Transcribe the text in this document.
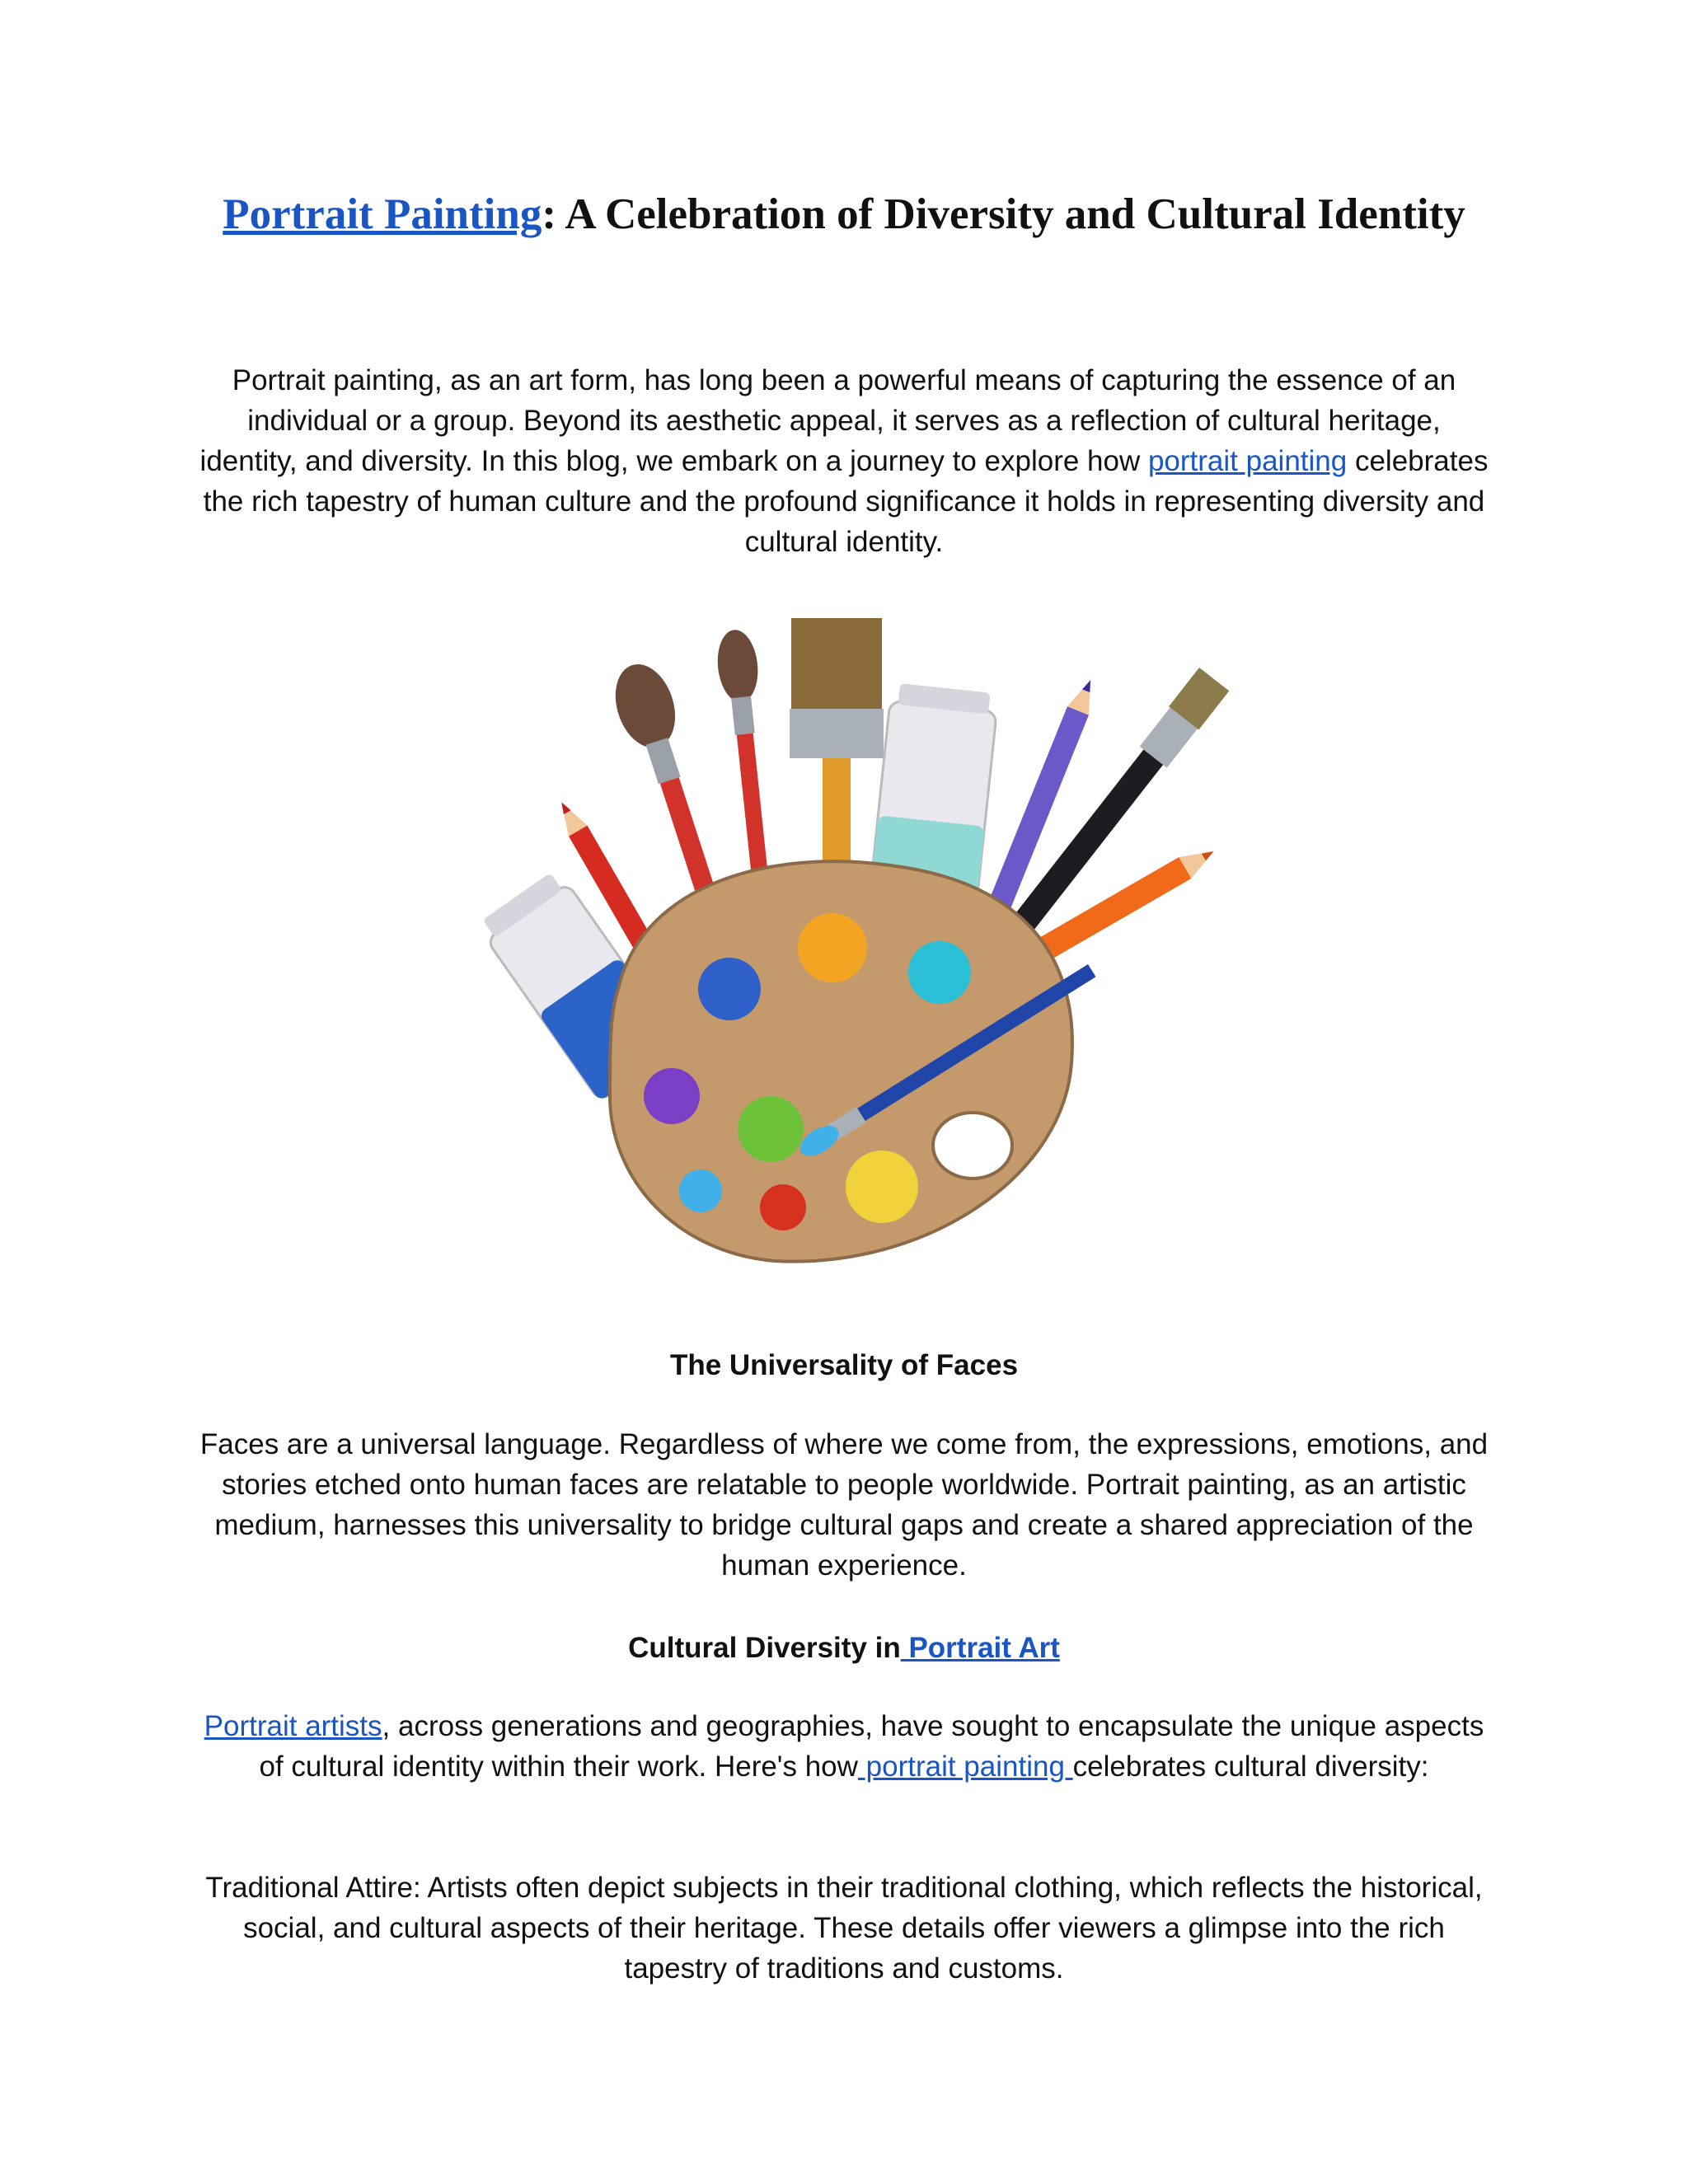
Portrait Painting: A Celebration of Diversity and Cultural Identity

Portrait painting, as an art form, has long been a powerful means of capturing the essence of an individual or a group. Beyond its aesthetic appeal, it serves as a reflection of cultural heritage, identity, and diversity. In this blog, we embark on a journey to explore how portrait painting celebrates the rich tapestry of human culture and the profound significance it holds in representing diversity and cultural identity.

The Universality of Faces

Faces are a universal language. Regardless of where we come from, the expressions, emotions, and stories etched onto human faces are relatable to people worldwide. Portrait painting, as an artistic medium, harnesses this universality to bridge cultural gaps and create a shared appreciation of the human experience.

Cultural Diversity in Portrait Art

Portrait artists, across generations and geographies, have sought to encapsulate the unique aspects of cultural identity within their work. Here's how portrait painting celebrates cultural diversity:

Traditional Attire: Artists often depict subjects in their traditional clothing, which reflects the historical, social, and cultural aspects of their heritage. These details offer viewers a glimpse into the rich tapestry of traditions and customs.
